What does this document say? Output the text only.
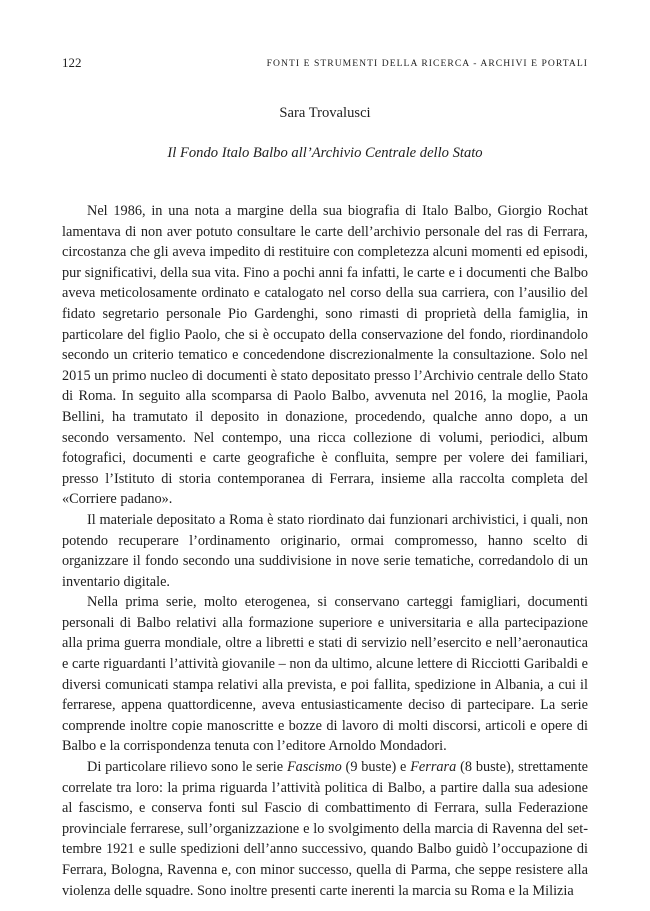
122	FONTI E STRUMENTI DELLA RICERCA - ARCHIVI E PORTALI
Sara Trovalusci
Il Fondo Italo Balbo all’Archivio Centrale dello Stato

Nel 1986, in una nota a margine della sua biografia di Italo Balbo, Giorgio Rochat lamentava di non aver potuto consultare le carte dell’archivio personale del ras di Ferrara, circostanza che gli aveva impedito di restituire con completezza alcuni momenti ed episodi, pur significativi, della sua vita. Fino a pochi anni fa infatti, le carte e i documenti che Balbo aveva meticolosamente ordinato e catalogato nel corso della sua carriera, con l’ausilio del fidato segretario personale Pio Gardenghi, sono rimasti di proprietà della famiglia, in particolare del figlio Paolo, che si è occupato della conservazione del fondo, riordinandolo secondo un criterio tematico e concedendone discrezionalmente la consultazione. Solo nel 2015 un primo nucleo di documenti è stato depositato presso l’Archivio centrale dello Stato di Roma. In seguito alla scomparsa di Paolo Balbo, avvenuta nel 2016, la moglie, Paola Bellini, ha tramutato il deposito in donazione, procedendo, qualche anno dopo, a un secondo versamento. Nel contempo, una ricca collezione di volumi, periodici, album fotografici, documenti e carte geografiche è confluita, sempre per volere dei familiari, presso l’Istituto di storia contemporanea di Ferrara, insieme alla raccolta completa del «Corriere padano».

Il materiale depositato a Roma è stato riordinato dai funzionari archivistici, i quali, non potendo recuperare l’ordinamento originario, ormai compromesso, hanno scelto di organizzare il fondo secondo una suddivisione in nove serie tematiche, corredandolo di un inventario digitale.

Nella prima serie, molto eterogenea, si conservano carteggi famigliari, documenti personali di Balbo relativi alla formazione superiore e universitaria e alla partecipazione alla prima guerra mondiale, oltre a libretti e stati di servizio nell’esercito e nell’aeronautica e carte riguardanti l’attività giovanile – non da ultimo, alcune lettere di Ricciotti Garibaldi e diversi comunicati stampa relativi alla prevista, e poi fallita, spedizione in Albania, a cui il ferrarese, appena quattordicenne, aveva entusiasticamente deciso di partecipare. La serie comprende inoltre copie manoscritte e bozze di lavoro di molti discorsi, articoli e opere di Balbo e la corrispondenza tenuta con l’editore Arnoldo Mondadori.

Di particolare rilievo sono le serie Fascismo (9 buste) e Ferrara (8 buste), strettamente correlate tra loro: la prima riguarda l’attività politica di Balbo, a partire dalla sua adesione al fascismo, e conserva fonti sul Fascio di combattimento di Ferrara, sulla Federazione provinciale ferrarese, sull’organizzazione e lo svolgimento della marcia di Ravenna del settembre 1921 e sulle spedizioni dell’anno successivo, quando Balbo guidò l’occupazione di Ferrara, Bologna, Ravenna e, con minor successo, quella di Parma, che seppe resistere alla violenza delle squadre. Sono inoltre presenti carte inerenti la marcia su Roma e la Milizia
